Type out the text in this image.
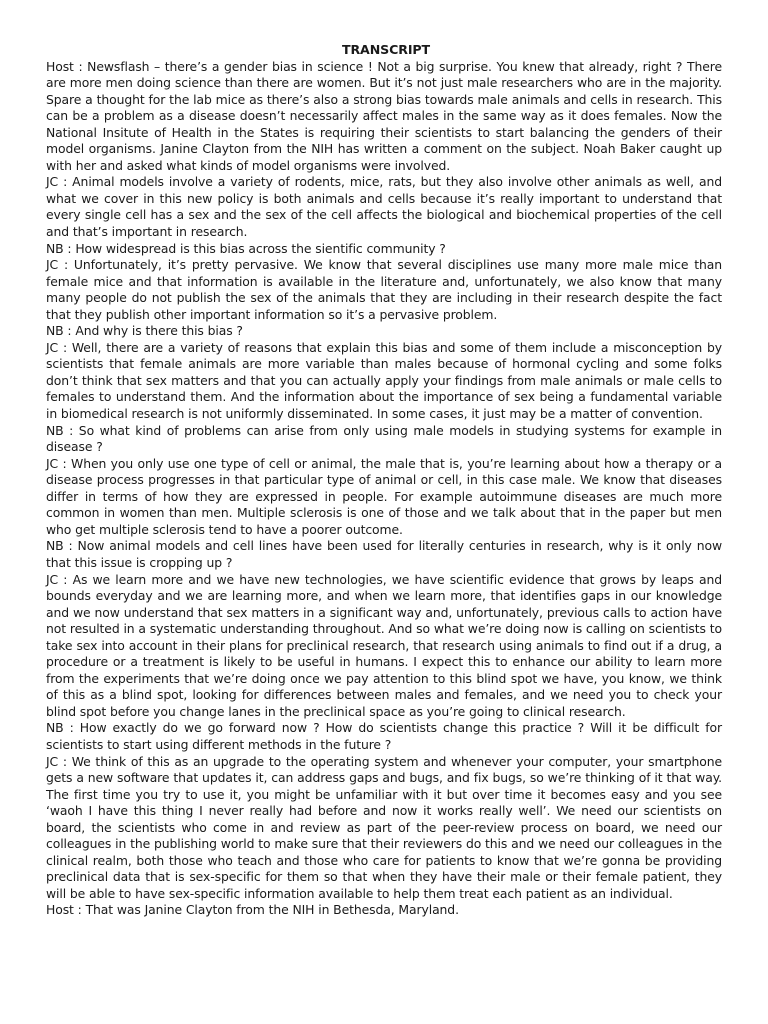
TRANSCRIPT

Host : Newsflash – there’s a gender bias in science ! Not a big surprise. You knew that already, right ? There are more men doing science than there are women. But it’s not just male researchers who are in the majority. Spare a thought for the lab mice as there’s also a strong bias towards male animals and cells in research. This can be a problem as a disease doesn’t necessarily affect males in the same way as it does females. Now the National Insitute of Health in the States is requiring their scientists to start balancing the genders of their model organisms. Janine Clayton from the NIH has written a comment on the subject. Noah Baker caught up with her and asked what kinds of model organisms were involved.

JC : Animal models involve a variety of rodents, mice, rats, but they also involve other animals as well, and what we cover in this new policy is both animals and cells because it’s really important to understand that every single cell has a sex and the sex of the cell affects the biological and biochemical properties of the cell and that’s important in research.

NB : How widespread is this bias across the sientific community ?

JC : Unfortunately, it’s pretty pervasive. We know that several disciplines use many more male mice than female mice and that information is available in the literature and, unfortunately, we also know that many many people do not publish the sex of the animals that they are including in their research despite the fact that they publish other important information so it’s a pervasive problem.

NB : And why is there this bias ?

JC : Well, there are a variety of reasons that explain this bias and some of them include a misconception by scientists that female animals are more variable than males because of hormonal cycling and some folks don’t think that sex matters and that you can actually apply your findings from male animals or male cells to females to understand them. And the information about the importance of sex being a fundamental variable in biomedical research is not uniformly disseminated. In some cases, it just may be a matter of convention.

NB : So what kind of problems can arise from only using male models in studying systems for example in disease ?

JC : When you only use one type of cell or animal, the male that is, you’re learning about how a therapy or a disease process progresses in that particular type of animal or cell, in this case male. We know that diseases differ in terms of how they are expressed in people. For example autoimmune diseases are much more common in women than men. Multiple sclerosis is one of those and we talk about that in the paper but men who get multiple sclerosis tend to have a poorer outcome.

NB : Now animal models and cell lines have been used for literally centuries in research, why is it only now that this issue is cropping up ?

JC : As we learn more and we have new technologies, we have scientific evidence that grows by leaps and bounds everyday and we are learning more, and when we learn more, that identifies gaps in our knowledge and we now understand that sex matters in a significant way and, unfortunately, previous calls to action have not resulted in a systematic understanding throughout. And so what we’re doing now is calling on scientists to take sex into account in their plans for preclinical research, that research using animals to find out if a drug, a procedure or a treatment is likely to be useful in humans. I expect this to enhance our ability to learn more from the experiments that we’re doing once we pay attention to this blind spot we have, you know, we think of this as a blind spot, looking for differences between males and females, and we need you to check your blind spot before you change lanes in the preclinical space as you’re going to clinical research.

NB : How exactly do we go forward now ? How do scientists change this practice ? Will it be difficult for scientists to start using different methods in the future ?

JC : We think of this as an upgrade to the operating system and whenever your computer, your smartphone gets a new software that updates it, can address gaps and bugs, and fix bugs, so we’re thinking of it that way. The first time you try to use it, you might be unfamiliar with it but over time it becomes easy and you see ‘waoh I have this thing I never really had before and now it works really well’. We need our scientists on board, the scientists who come in and review as part of the peer-review process on board, we need our colleagues in the publishing world to make sure that their reviewers do this and we need our colleagues in the clinical realm, both those who teach and those who care for patients to know that we’re gonna be providing preclinical data that is sex-specific for them so that when they have their male or their female patient, they will be able to have sex-specific information available to help them treat each patient as an individual.

Host : That was Janine Clayton from the NIH in Bethesda, Maryland.
